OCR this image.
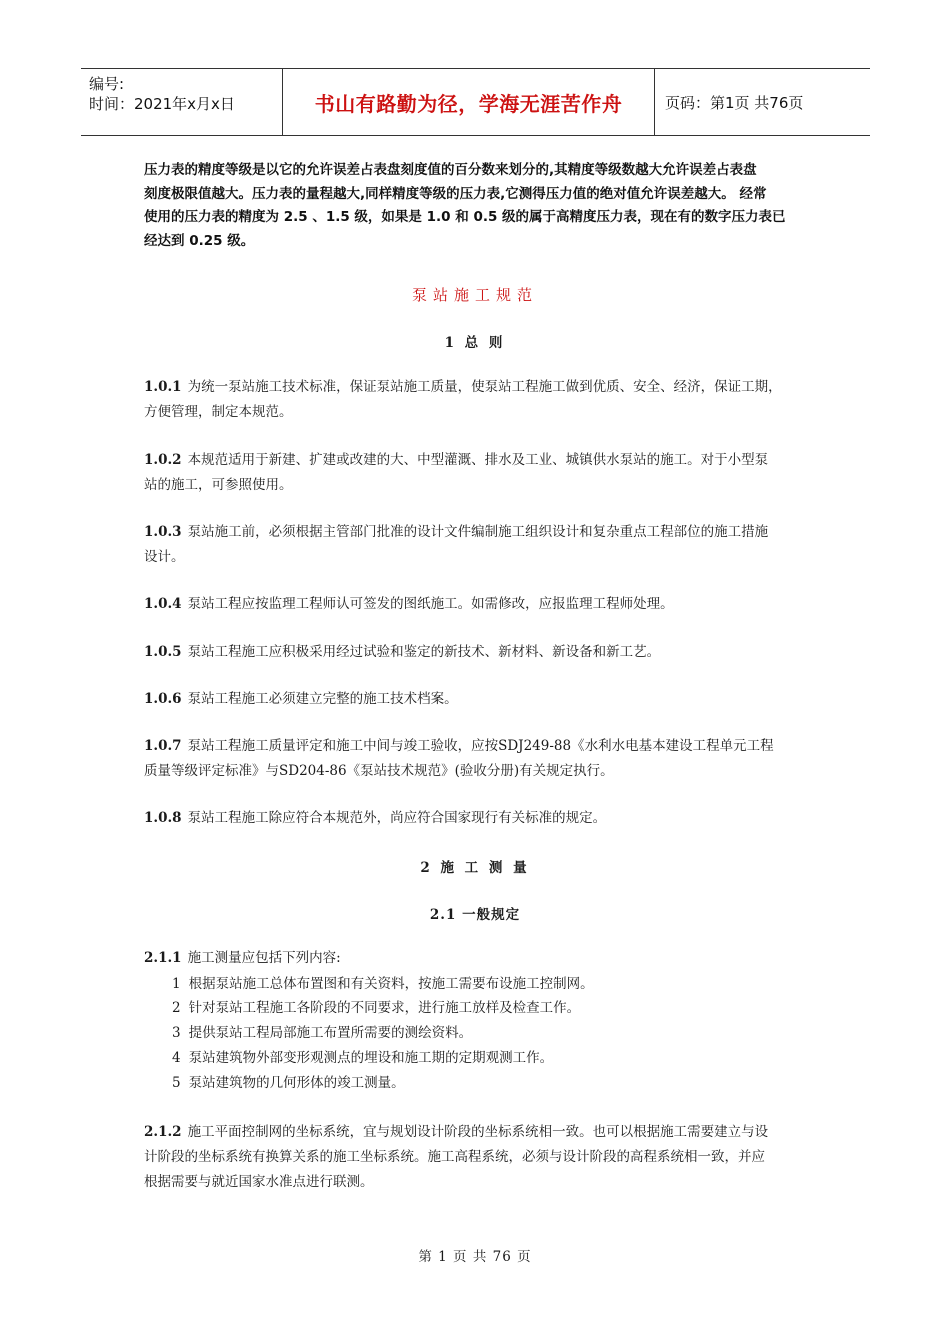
编号:
时间：2021年x月x日	书山有路勤为径，学海无涯苦作舟	页码：第1页 共76页

压力表的精度等级是以它的允许误差占表盘刻度值的百分数来划分的,其精度等级数越大允许误差占表盘

刻度极限值越大。压力表的量程越大,同样精度等级的压力表,它测得压力值的绝对值允许误差越大。 经常

使用的压力表的精度为 2.5 、1.5 级，如果是 1.0 和 0.5 级的属于高精度压力表，现在有的数字压力表已

经达到 0.25 级。

泵站施工规范
1 总 则
1.0.1 为统一泵站施工技术标准，保证泵站施工质量，使泵站工程施工做到优质、安全、经济，保证工期，
方便管理，制定本规范。
1.0.2 本规范适用于新建、扩建或改建的大、中型灌溉、排水及工业、城镇供水泵站的施工。对于小型泵
站的施工，可参照使用。
1.0.3 泵站施工前，必须根据主管部门批准的设计文件编制施工组织设计和复杂重点工程部位的施工措施
设计。
1.0.4 泵站工程应按监理工程师认可签发的图纸施工。如需修改，应报监理工程师处理。
1.0.5 泵站工程施工应积极采用经过试验和鉴定的新技术、新材料、新设备和新工艺。
1.0.6 泵站工程施工必须建立完整的施工技术档案。
1.0.7 泵站工程施工质量评定和施工中间与竣工验收，应按SDJ249-88《水利水电基本建设工程单元工程
质量等级评定标准》与SD204-86《泵站技术规范》(验收分册)有关规定执行。
1.0.8 泵站工程施工除应符合本规范外，尚应符合国家现行有关标准的规定。
2 施 工 测 量
2.1 一般规定
2.1.1 施工测量应包括下列内容:
1 根据泵站施工总体布置图和有关资料，按施工需要布设施工控制网。
2 针对泵站工程施工各阶段的不同要求，进行施工放样及检查工作。
3 提供泵站工程局部施工布置所需要的测绘资料。
4 泵站建筑物外部变形观测点的埋设和施工期的定期观测工作。
5 泵站建筑物的几何形体的竣工测量。
2.1.2 施工平面控制网的坐标系统，宜与规划设计阶段的坐标系统相一致。也可以根据施工需要建立与设
计阶段的坐标系统有换算关系的施工坐标系统。施工高程系统，必须与设计阶段的高程系统相一致，并应
根据需要与就近国家水准点进行联测。
第 1 页 共 76 页
